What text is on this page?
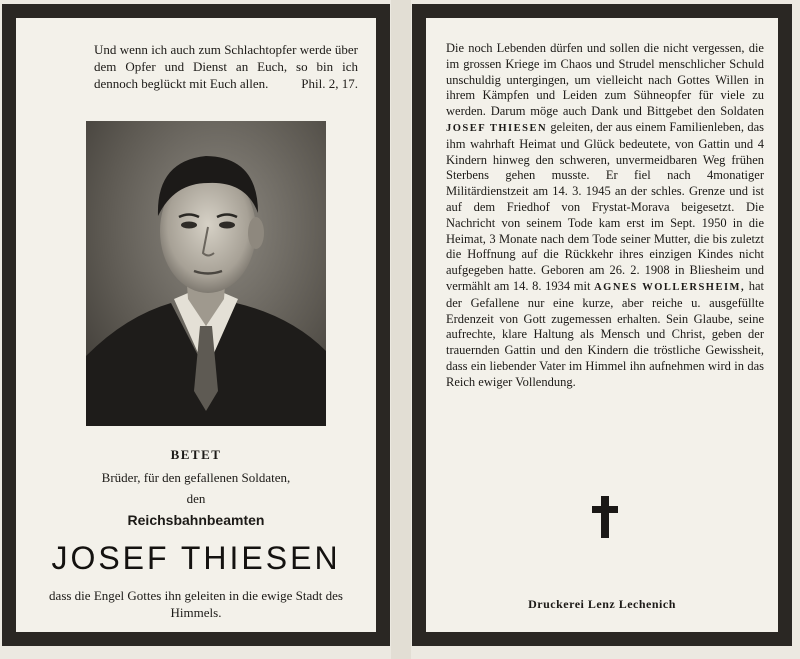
Und wenn ich auch zum Schlachtopfer werde über dem Opfer und Dienst an Euch, so bin ich dennoch beglückt mit Euch allen.	Phil. 2, 17.

BETET
Brüder, für den gefallenen Soldaten,
den
Reichsbahnbeamten
JOSEF THIESEN

dass die Engel Gottes ihn geleiten in die ewige Stadt des Himmels.

Die noch Lebenden dürfen und sollen die nicht vergessen, die im grossen Kriege im Chaos und Strudel menschlicher Schuld unschuldig untergingen, um vielleicht nach Gottes Willen in ihrem Kämpfen und Leiden zum Sühneopfer für viele zu werden. Darum möge auch Dank und Bittgebet den Soldaten JOSEF THIESEN geleiten, der aus einem Familienleben, das ihm wahrhaft Heimat und Glück bedeutete, von Gattin und 4 Kindern hinweg den schweren, unvermeidbaren Weg frühen Sterbens gehen musste. Er fiel nach 4monatiger Militärdienstzeit am 14. 3. 1945 an der schles. Grenze und ist auf dem Friedhof von Frystat-Morava beigesetzt. Die Nachricht von seinem Tode kam erst im Sept. 1950 in die Heimat, 3 Monate nach dem Tode seiner Mutter, die bis zuletzt die Hoffnung auf die Rückkehr ihres einzigen Kindes nicht aufgegeben hatte. Geboren am 26. 2. 1908 in Bliesheim und vermählt am 14. 8. 1934 mit AGNES WOLLERSHEIM, hat der Gefallene nur eine kurze, aber reiche u. ausgefüllte Erdenzeit von Gott zugemessen erhalten. Sein Glaube, seine aufrechte, klare Haltung als Mensch und Christ, geben der trauernden Gattin und den Kindern die tröstliche Gewissheit, dass ein liebender Vater im Himmel ihn aufnehmen wird in das Reich ewiger Vollendung.

Druckerei Lenz Lechenich
